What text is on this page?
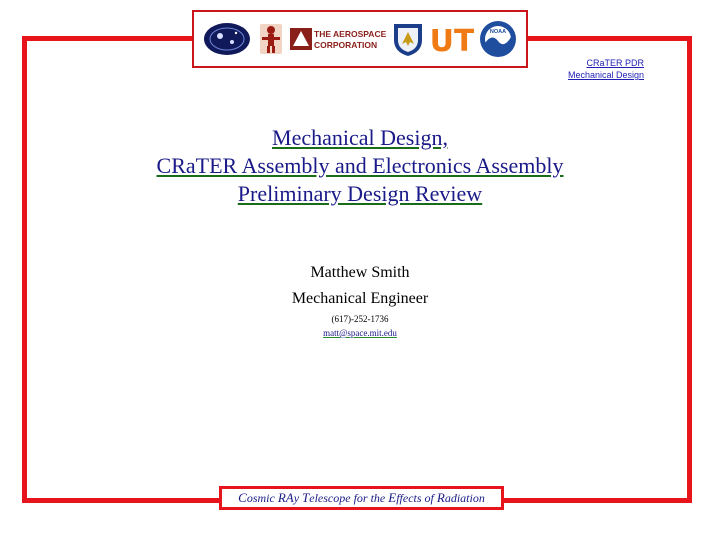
THE AEROSPACE
CORPORATION UT	NOAA
CRaTER PDR
Mechanical Design
Mechanical Design,
CRaTER Assembly and Electronics Assembly
Preliminary Design Review
Matthew Smith
Mechanical Engineer
(617)-252-1736
matt@space.mit.edu
C osmic RA y T elescope for the E ffects of R adiation
